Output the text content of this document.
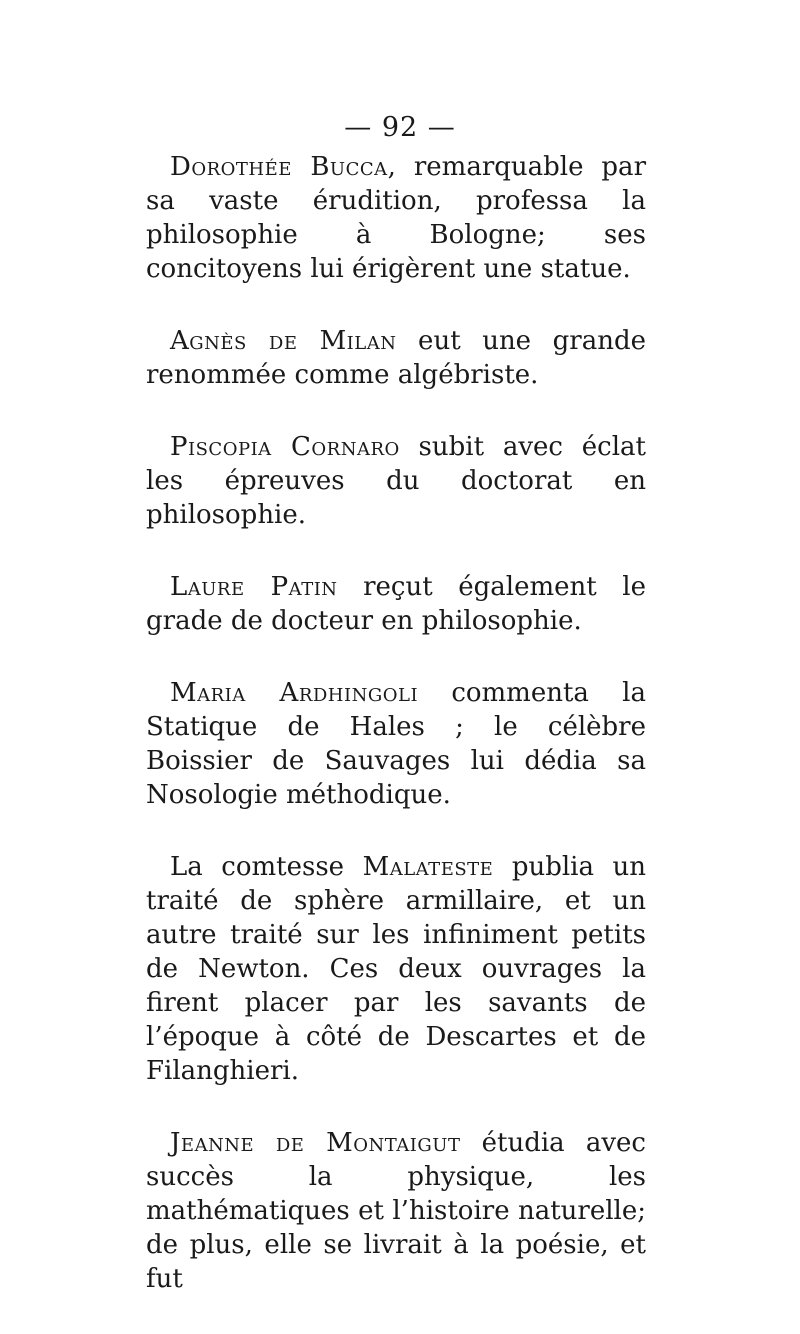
— 92 —

Dorothée Bucca, remarquable par sa vaste érudition, professa la philosophie à Bologne; ses concitoyens lui érigèrent une statue.

Agnès de Milan eut une grande renommée comme algébriste.

Piscopia Cornaro subit avec éclat les épreuves du doctorat en philosophie.

Laure Patin reçut également le grade de docteur en philosophie.

Maria Ardhingoli commenta la Statique de Hales ; le célèbre Boissier de Sauvages lui dédia sa Nosologie méthodique.

La comtesse Malateste publia un traité de sphère armillaire, et un autre traité sur les infiniment petits de Newton. Ces deux ouvrages la firent placer par les savants de l’époque à côté de Descartes et de Filanghieri.

Jeanne de Montaigut étudia avec succès la physique, les mathématiques et l’histoire naturelle; de plus, elle se livrait à la poésie, et fut
